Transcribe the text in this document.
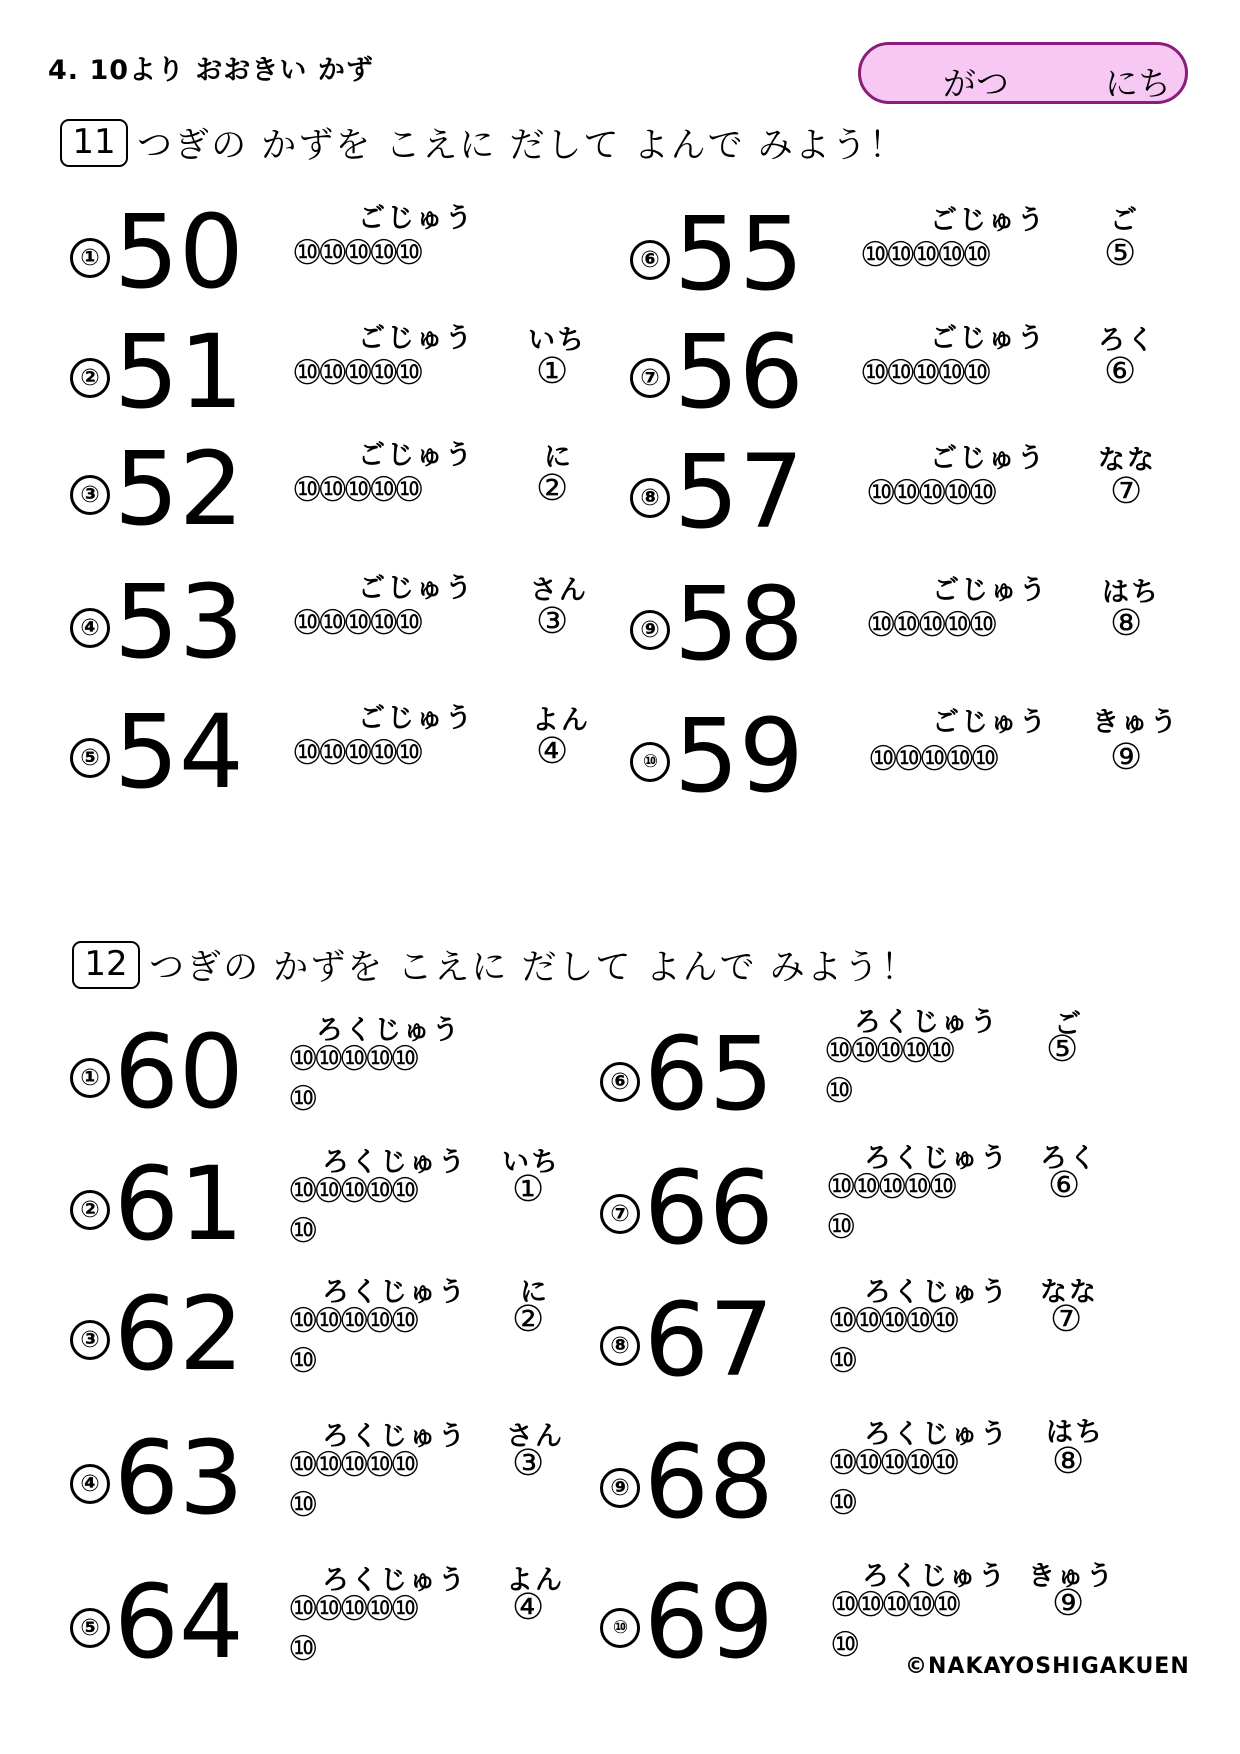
4. 10より おおきい かず	がつ	にち
11 つぎの かずを こえに だして よんで みよう！
① 50	ごじゅう
⑩⑩⑩⑩⑩
② 51	ごじゅう いち
⑩⑩⑩⑩⑩	①
③ 52	ごじゅう	に
⑩⑩⑩⑩⑩	②
④ 53	ごじゅう さん
⑩⑩⑩⑩⑩	③
⑤ 54	ごじゅう よん
⑩⑩⑩⑩⑩	④
⑥ 55	ごじゅう ご
⑩⑩⑩⑩⑩	⑤
⑦ 56	ごじゅう ろく
⑩⑩⑩⑩⑩	⑥
⑧ 57	ごじゅう なな
⑩⑩⑩⑩⑩	⑦
⑨ 58	ごじゅう はち
⑩⑩⑩⑩⑩	⑧
⑩ 59	ごじゅう きゅう
⑩⑩⑩⑩⑩	⑨
12 つぎの かずを こえに だして よんで みよう！
① 60	ろくじゅう
⑩⑩⑩⑩⑩
⑩
② 61	ろくじゅう いち
⑩⑩⑩⑩⑩	①
⑩
③ 62	ろくじゅう に
⑩⑩⑩⑩⑩	②
⑩
④ 63	ろくじゅう さん
⑩⑩⑩⑩⑩	③
⑩
⑤ 64	ろくじゅう よん
⑩⑩⑩⑩⑩	④
⑩
⑥ 65	ろくじゅう ご
⑩⑩⑩⑩⑩	⑤
⑩
⑦ 66	ろくじゅう ろく
⑩⑩⑩⑩⑩	⑥
⑩
⑧ 67	ろくじゅう なな
⑩⑩⑩⑩⑩	⑦
⑩
⑨ 68	ろくじゅう はち
⑩⑩⑩⑩⑩	⑧
⑩
⑩ 69	ろくじゅう きゅう
⑩⑩⑩⑩⑩	⑨
⑩
©NAKAYOSHIGAKUEN
